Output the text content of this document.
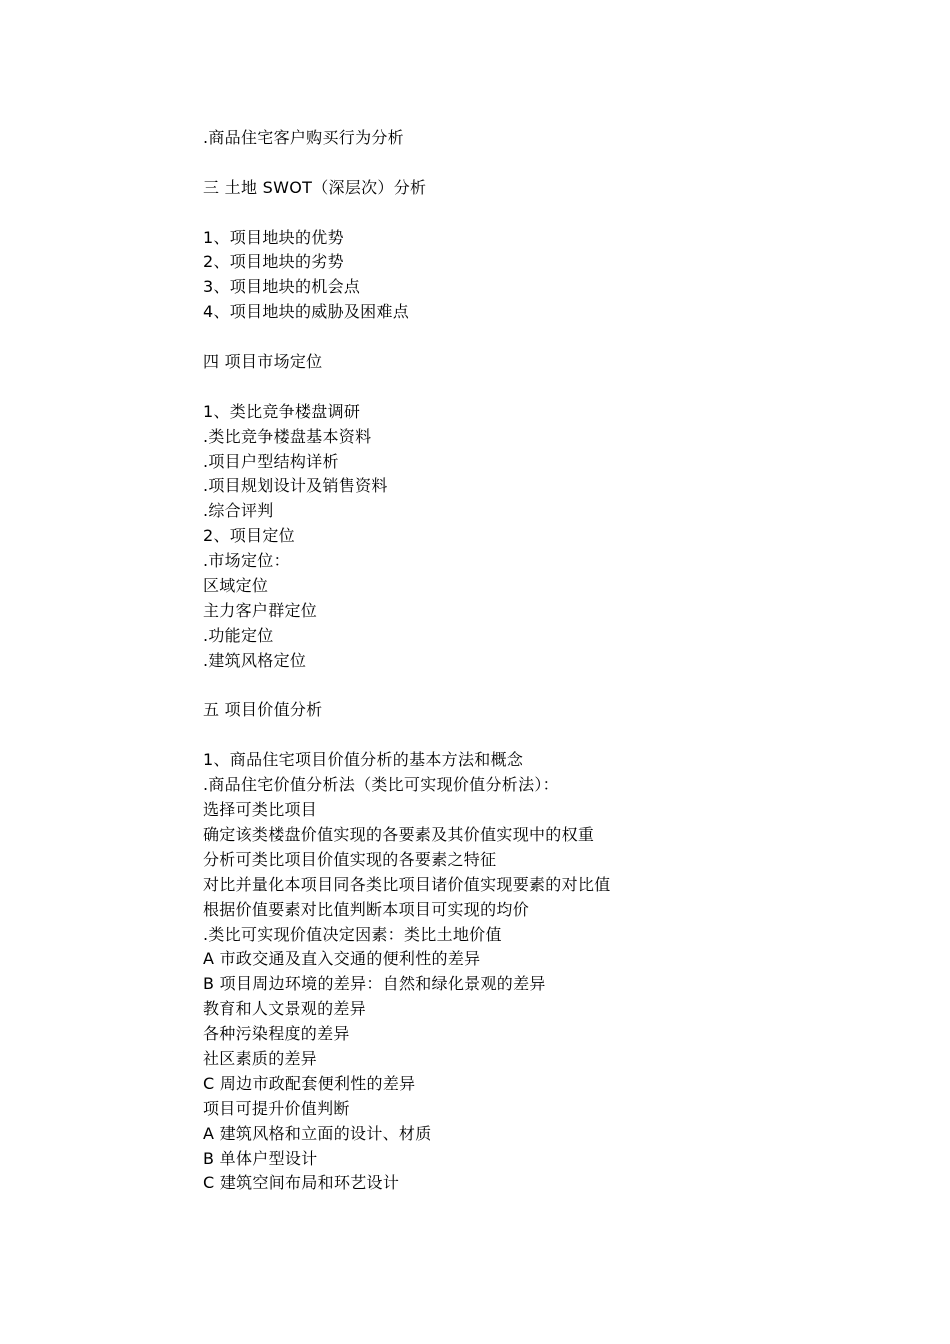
.商品住宅客户购买行为分析
三 土地 SWOT（深层次）分析
1、项目地块的优势
2、项目地块的劣势
3、项目地块的机会点
4、项目地块的威胁及困难点
四 项目市场定位
1、类比竞争楼盘调研
.类比竞争楼盘基本资料
.项目户型结构详析
.项目规划设计及销售资料
.综合评判
2、项目定位
.市场定位：
区域定位
主力客户群定位
.功能定位
.建筑风格定位
五 项目价值分析
1、商品住宅项目价值分析的基本方法和概念
.商品住宅价值分析法（类比可实现价值分析法）：
选择可类比项目
确定该类楼盘价值实现的各要素及其价值实现中的权重
分析可类比项目价值实现的各要素之特征
对比并量化本项目同各类比项目诸价值实现要素的对比值
根据价值要素对比值判断本项目可实现的均价
.类比可实现价值决定因素：类比土地价值
A 市政交通及直入交通的便利性的差异
B 项目周边环境的差异：自然和绿化景观的差异
教育和人文景观的差异
各种污染程度的差异
社区素质的差异
C 周边市政配套便利性的差异
项目可提升价值判断
A 建筑风格和立面的设计、材质
B 单体户型设计
C 建筑空间布局和环艺设计
